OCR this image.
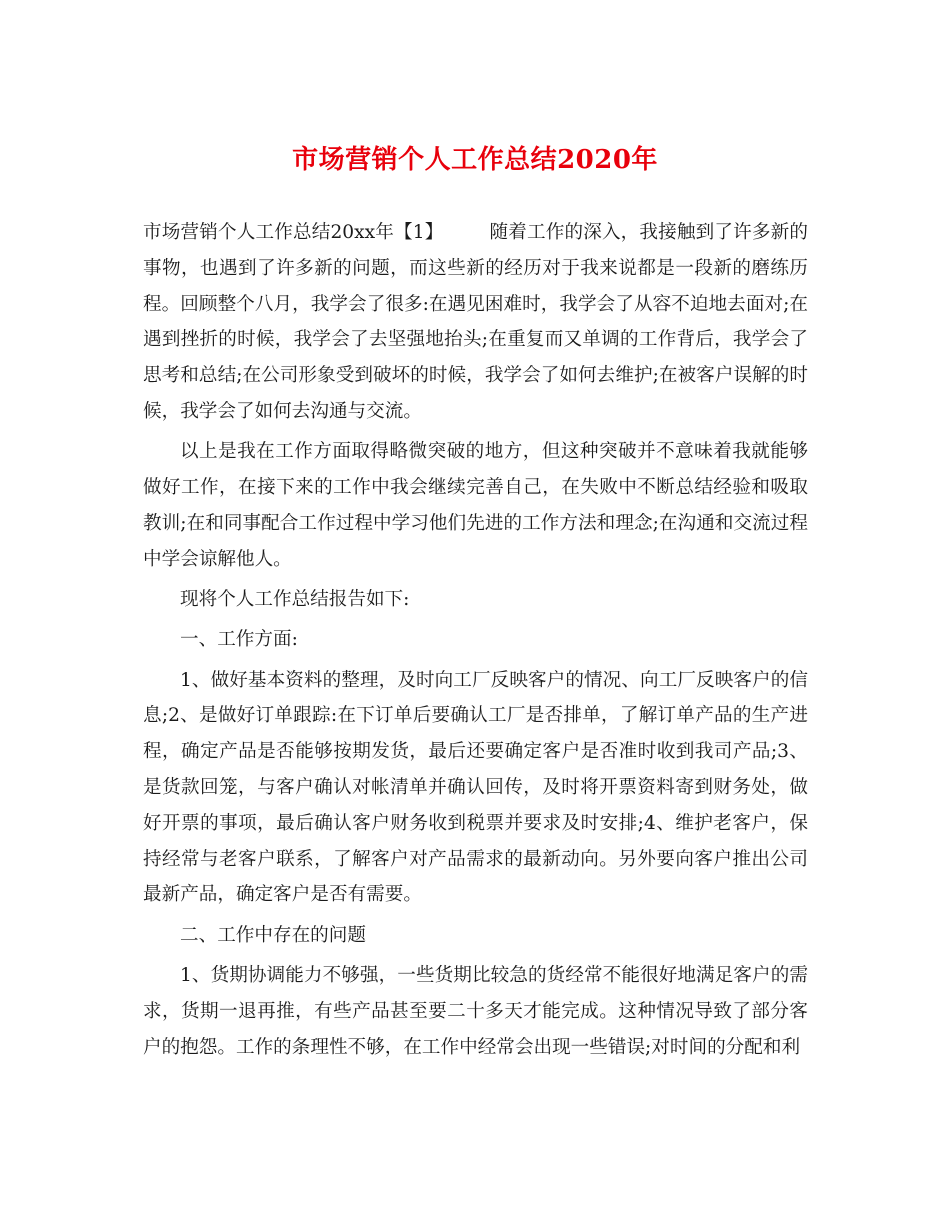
市场营销个人工作总结2020年

市场营销个人工作总结20xx年【1】 随着工作的深入，我接触到了许多新的事物，也遇到了许多新的问题，而这些新的经历对于我来说都是一段新的磨练历程。回顾整个八月，我学会了很多:在遇见困难时，我学会了从容不迫地去面对;在遇到挫折的时候，我学会了去坚强地抬头;在重复而又单调的工作背后，我学会了思考和总结;在公司形象受到破坏的时候，我学会了如何去维护;在被客户误解的时候，我学会了如何去沟通与交流。

以上是我在工作方面取得略微突破的地方，但这种突破并不意味着我就能够做好工作，在接下来的工作中我会继续完善自己，在失败中不断总结经验和吸取教训;在和同事配合工作过程中学习他们先进的工作方法和理念;在沟通和交流过程中学会谅解他人。

现将个人工作总结报告如下:

一、工作方面:

1、做好基本资料的整理，及时向工厂反映客户的情况、向工厂反映客户的信息;2、是做好订单跟踪:在下订单后要确认工厂是否排单，了解订单产品的生产进程，确定产品是否能够按期发货，最后还要确定客户是否准时收到我司产品;3、是货款回笼，与客户确认对帐清单并确认回传，及时将开票资料寄到财务处，做好开票的事项，最后确认客户财务收到税票并要求及时安排;4、维护老客户，保持经常与老客户联系，了解客户对产品需求的最新动向。另外要向客户推出公司最新产品，确定客户是否有需要。

二、工作中存在的问题

1、货期协调能力不够强，一些货期比较急的货经常不能很好地满足客户的需求，货期一退再推，有些产品甚至要二十多天才能完成。这种情况导致了部分客户的抱怨。工作的条理性不够，在工作中经常会出现一些错误;对时间的分配和利
